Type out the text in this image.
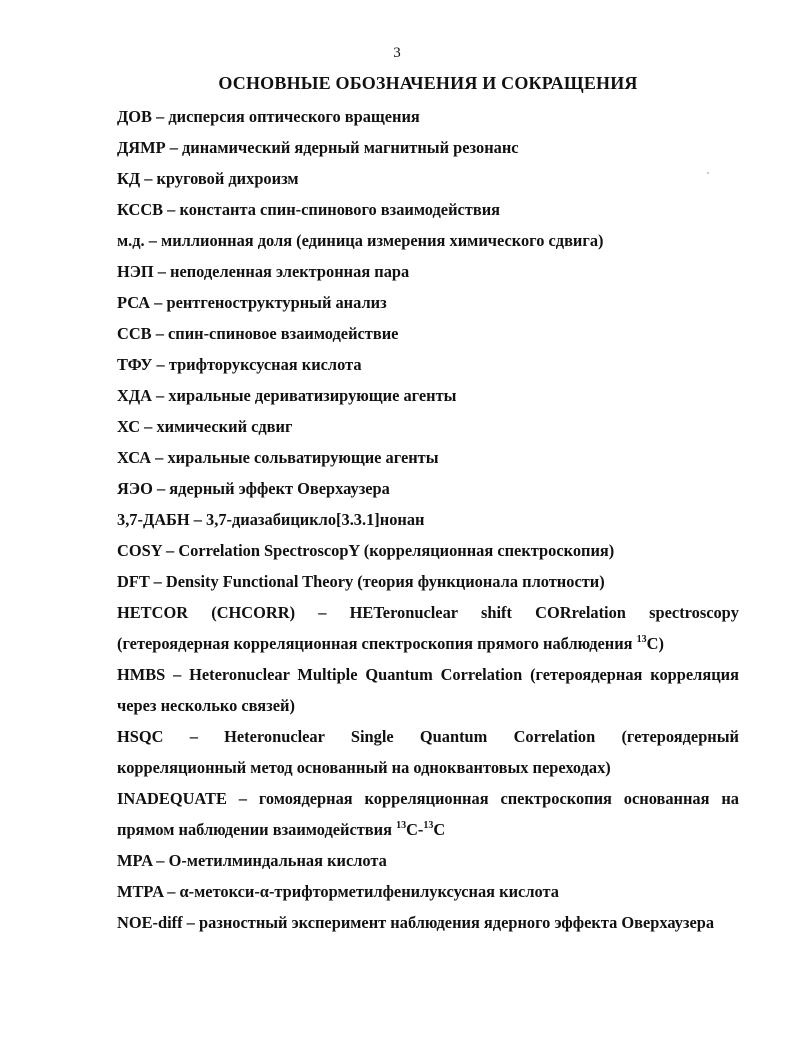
3
ОСНОВНЫЕ ОБОЗНАЧЕНИЯ И СОКРАЩЕНИЯ

ДОВ – дисперсия оптического вращения

ДЯМР – динамический ядерный магнитный резонанс

КД – круговой дихроизм

КССВ – константа спин-спинового взаимодействия

м.д. – миллионная доля (единица измерения химического сдвига)

НЭП – неподеленная электронная пара

РСА – рентгеноструктурный анализ

ССВ – спин-спиновое взаимодействие

ТФУ – трифторуксусная кислота

ХДА – хиральные дериватизирующие агенты

ХС – химический сдвиг

ХСА – хиральные сольватирующие агенты

ЯЭО – ядерный эффект Оверхаузера

3,7-ДАБН – 3,7-диазабицикло[3.3.1]нонан

COSY – Correlation SpectroscopY (корреляционная спектроскопия)

DFT – Density Functional Theory (теория функционала плотности)

HETCOR (CHCORR) – HETeronuclear shift CORrelation spectroscopy (гетероядерная корреляционная спектроскопия прямого наблюдения $^{13}$C)

HMBS – Heteronuclear Multiple Quantum Correlation (гетероядерная корреляция через несколько связей)

HSQC – Heteronuclear Single Quantum Correlation (гетероядерный корреляционный метод основанный на одноквантовых переходах)

INADEQUATE – гомоядерная корреляционная спектроскопия основанная на прямом наблюдении взаимодействия $^{13}$C-$^{13}$C

MPA – О-метилминдальная кислота

MTPA – α-метокси-α-трифторметилфенилуксусная кислота

NOE-diff – разностный эксперимент наблюдения ядерного эффекта Оверхаузера
